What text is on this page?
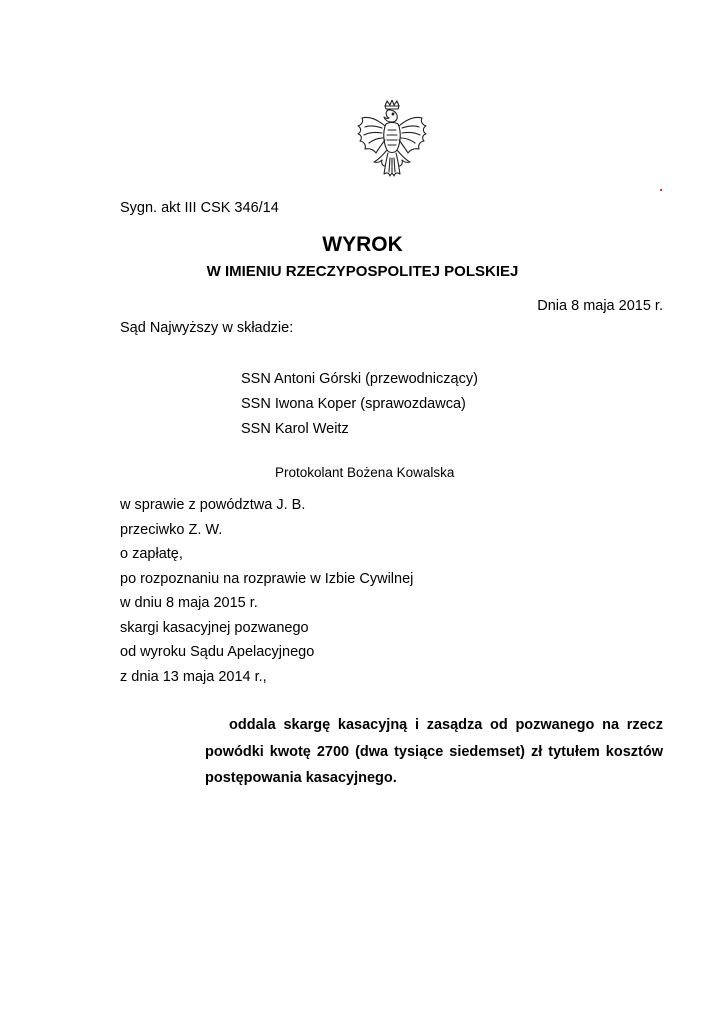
Sygn. akt III CSK 346/14
WYROK
W IMIENIU RZECZYPOSPOLITEJ POLSKIEJ
Dnia 8 maja 2015 r.
Sąd Najwyższy w składzie:
SSN Antoni Górski (przewodniczący)
SSN Iwona Koper (sprawozdawca)
SSN Karol Weitz
Protokolant Bożena Kowalska
w sprawie z powództwa J. B.
przeciwko Z. W.
o zapłatę,
po rozpoznaniu na rozprawie w Izbie Cywilnej
w dniu 8 maja 2015 r.
skargi kasacyjnej pozwanego
od wyroku Sądu Apelacyjnego
z dnia 13 maja 2014 r.,
oddala skargę kasacyjną i zasądza od pozwanego na rzecz powódki kwotę 2700 (dwa tysiące siedemset) zł tytułem kosztów postępowania kasacyjnego.
